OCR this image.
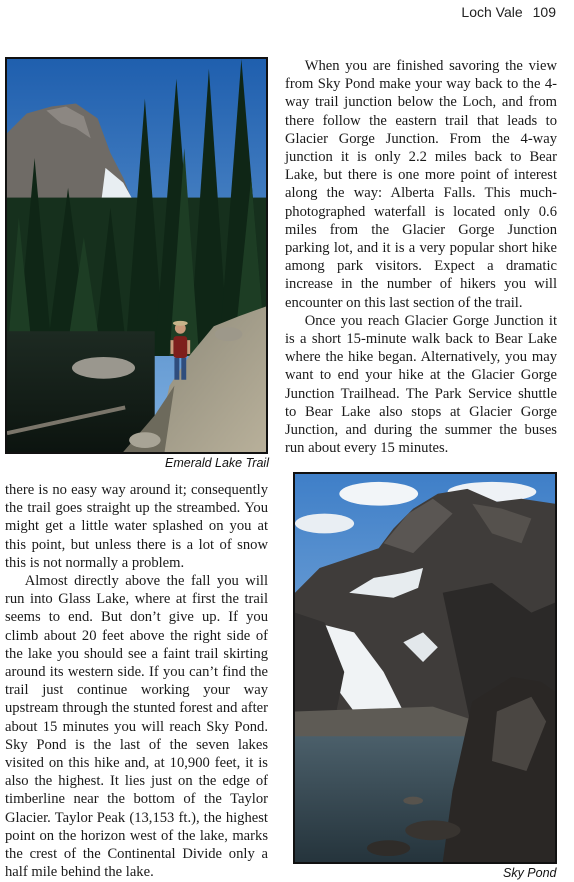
Loch Vale 109
Emerald Lake Trail

When you are finished savoring the view from Sky Pond make your way back to the 4-way trail junction below the Loch, and from there follow the eastern trail that leads to Glacier Gorge Junction. From the 4-way junction it is only 2.2 miles back to Bear Lake, but there is one more point of interest along the way: Alberta Falls. This much-photographed waterfall is located only 0.6 miles from the Glacier Gorge Junction parking lot, and it is a very popular short hike among park visitors. Expect a dramatic increase in the number of hikers you will encounter on this last section of the trail.

Once you reach Glacier Gorge Junction it is a short 15-minute walk back to Bear Lake where the hike began. Alternatively, you may want to end your hike at the Glacier Gorge Junction Trailhead. The Park Service shuttle to Bear Lake also stops at Glacier Gorge Junction, and during the summer the buses run about every 15 minutes.

there is no easy way around it; consequently the trail goes straight up the streambed. You might get a little water splashed on you at this point, but unless there is a lot of snow this is not normally a problem.

Almost directly above the fall you will run into Glass Lake, where at first the trail seems to end. But don’t give up. If you climb about 20 feet above the right side of the lake you should see a faint trail skirting around its western side. If you can’t find the trail just continue working your way upstream through the stunted forest and after about 15 minutes you will reach Sky Pond. Sky Pond is the last of the seven lakes visited on this hike and, at 10,900 feet, it is also the highest. It lies just on the edge of timberline near the bottom of the Taylor Glacier. Taylor Peak (13,153 ft.), the highest point on the horizon west of the lake, marks the crest of the Continental Divide only a half mile behind the lake.	Sky Pond
